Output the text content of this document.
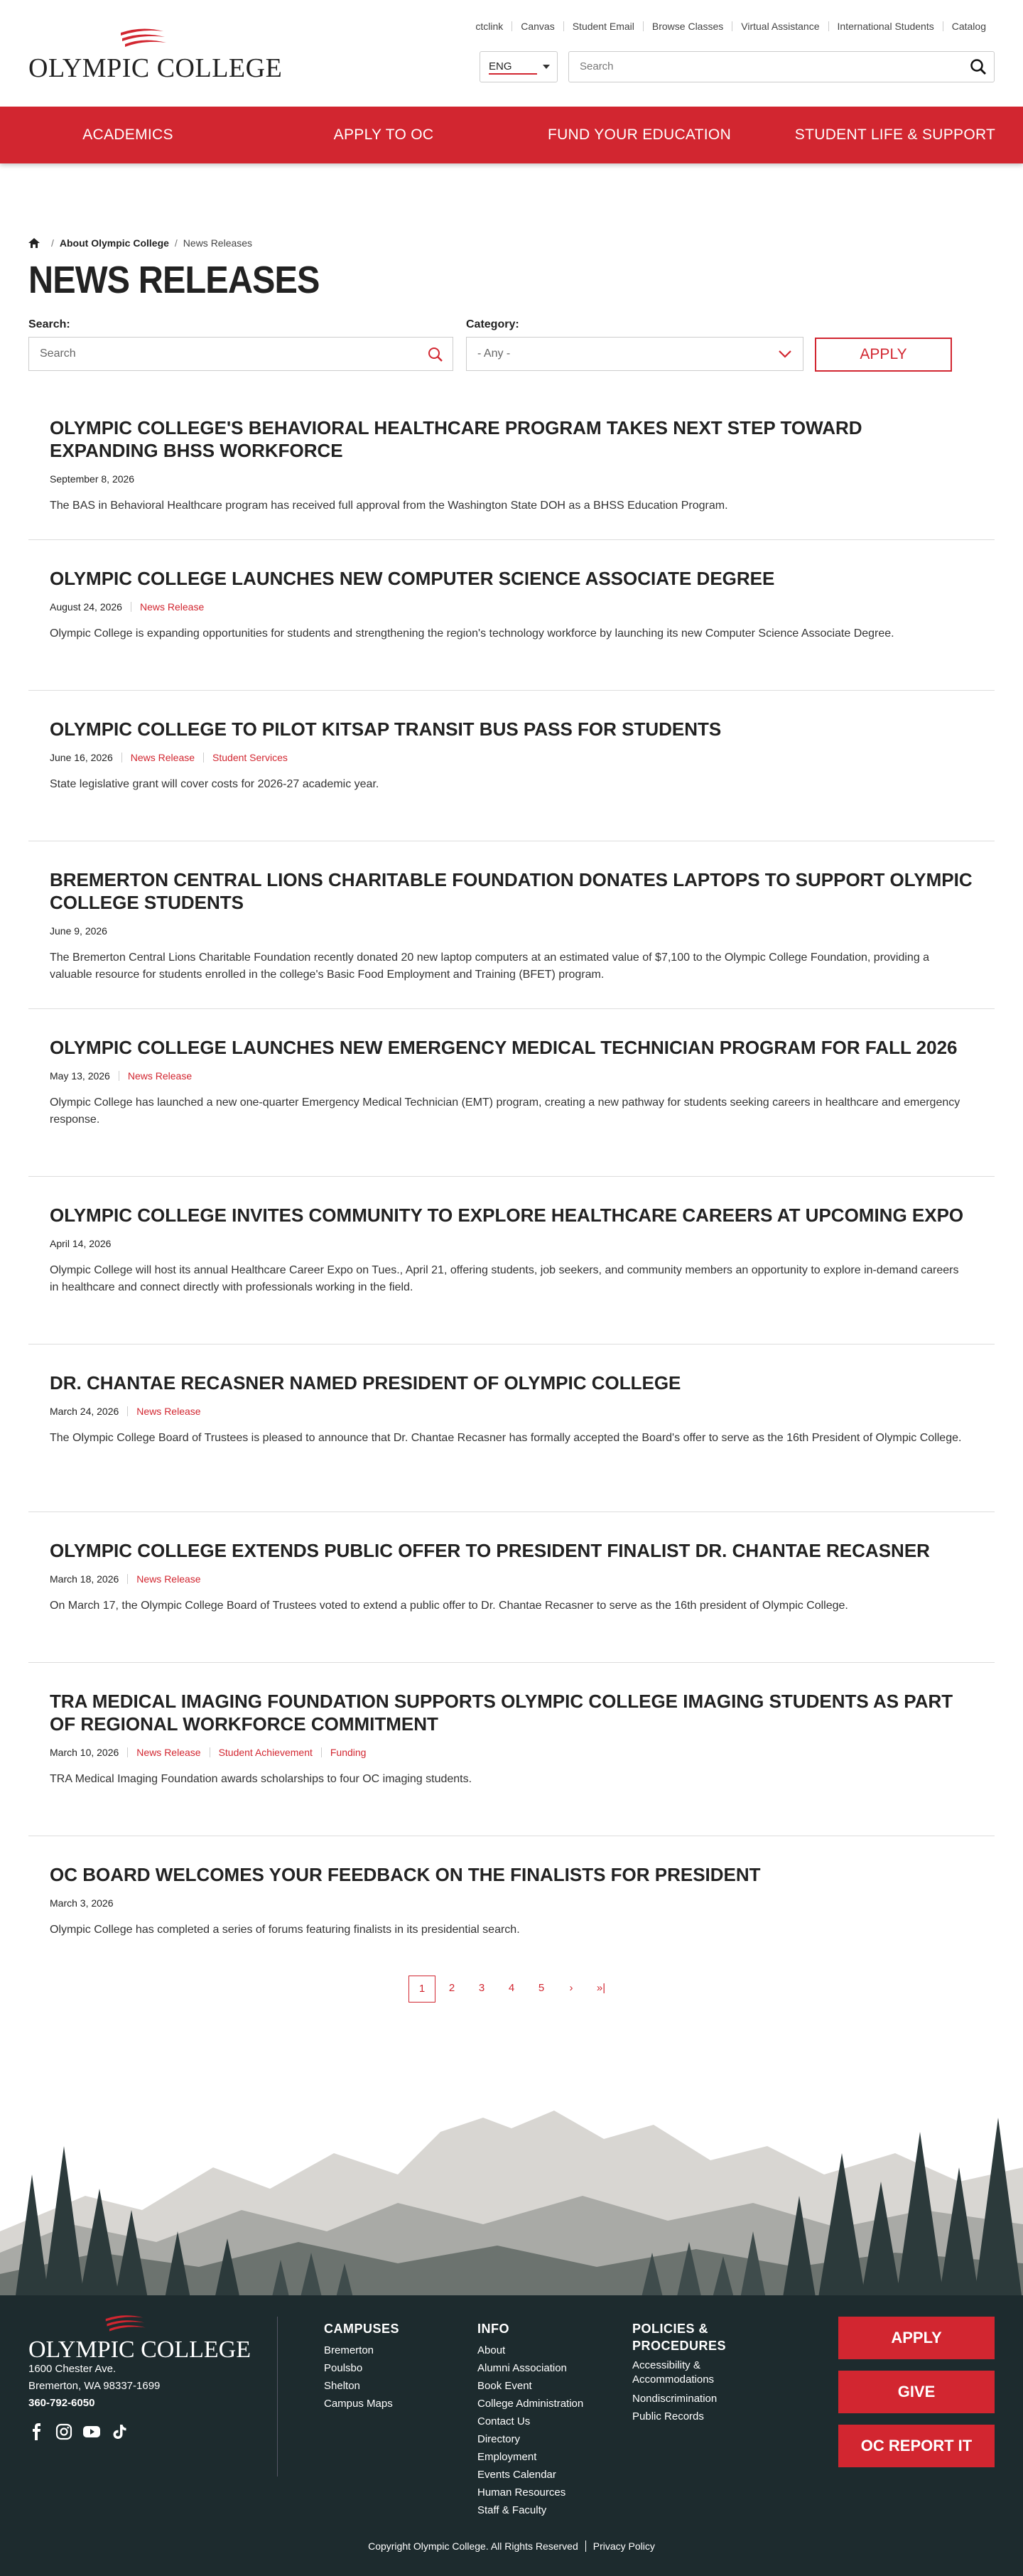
OLYMPIC COLLEGE
ctclink	Canvas	Student Email	Browse Classes	Virtual Assistance	International Students	Catalog
ENG	Search
ACADEMICS	APPLY TO OC	FUND YOUR EDUCATION	STUDENT LIFE & SUPPORT
/ About Olympic College / News Releases
NEWS RELEASES
Search:
Search
Category:
- Any -	APPLY
OLYMPIC COLLEGE'S BEHAVIORAL HEALTHCARE PROGRAM TAKES NEXT STEP TOWARD EXPANDING BHSS WORKFORCE
September 8, 2026

The BAS in Behavioral Healthcare program has received full approval from the Washington State DOH as a BHSS Education Program.

OLYMPIC COLLEGE LAUNCHES NEW COMPUTER SCIENCE ASSOCIATE DEGREE
August 24, 2026	News Release

Olympic College is expanding opportunities for students and strengthening the region's technology workforce by launching its new Computer Science Associate Degree.

OLYMPIC COLLEGE TO PILOT KITSAP TRANSIT BUS PASS FOR STUDENTS
June 16, 2026	News Release	Student Services

State legislative grant will cover costs for 2026-27 academic year.

BREMERTON CENTRAL LIONS CHARITABLE FOUNDATION DONATES LAPTOPS TO SUPPORT OLYMPIC COLLEGE STUDENTS
June 9, 2026

The Bremerton Central Lions Charitable Foundation recently donated 20 new laptop computers at an estimated value of $7,100 to the Olympic College Foundation, providing a valuable resource for students enrolled in the college's Basic Food Employment and Training (BFET) program.

OLYMPIC COLLEGE LAUNCHES NEW EMERGENCY MEDICAL TECHNICIAN PROGRAM FOR FALL 2026
May 13, 2026	News Release

Olympic College has launched a new one-quarter Emergency Medical Technician (EMT) program, creating a new pathway for students seeking careers in healthcare and emergency response.

OLYMPIC COLLEGE INVITES COMMUNITY TO EXPLORE HEALTHCARE CAREERS AT UPCOMING EXPO
April 14, 2026

Olympic College will host its annual Healthcare Career Expo on Tues., April 21, offering students, job seekers, and community members an opportunity to explore in-demand careers in healthcare and connect directly with professionals working in the field.

DR. CHANTAE RECASNER NAMED PRESIDENT OF OLYMPIC COLLEGE
March 24, 2026	News Release

The Olympic College Board of Trustees is pleased to announce that Dr. Chantae Recasner has formally accepted the Board's offer to serve as the 16th President of Olympic College.

OLYMPIC COLLEGE EXTENDS PUBLIC OFFER TO PRESIDENT FINALIST DR. CHANTAE RECASNER
March 18, 2026	News Release

On March 17, the Olympic College Board of Trustees voted to extend a public offer to Dr. Chantae Recasner to serve as the 16th president of Olympic College.

TRA MEDICAL IMAGING FOUNDATION SUPPORTS OLYMPIC COLLEGE IMAGING STUDENTS AS PART OF REGIONAL WORKFORCE COMMITMENT
March 10, 2026	News Release	Student Achievement	Funding

TRA Medical Imaging Foundation awards scholarships to four OC imaging students.

OC BOARD WELCOMES YOUR FEEDBACK ON THE FINALISTS FOR PRESIDENT
March 3, 2026

Olympic College has completed a series of forums featuring finalists in its presidential search.

1	2	3	4	5	›	»|
OLYMPIC COLLEGE
1600 Chester Ave.
Bremerton, WA 98337-1699
360-792-6050
CAMPUSES
Bremerton
Poulsbo
Shelton
Campus Maps
INFO
About
Alumni Association
Book Event
College Administration
Contact Us
Directory
Employment
Events Calendar
Human Resources
Staff & Faculty
POLICIES & PROCEDURES
Accessibility & Accommodations
Nondiscrimination
Public Records
APPLY
GIVE
OC REPORT IT
Copyright Olympic College. All Rights Reserved Privacy Policy
